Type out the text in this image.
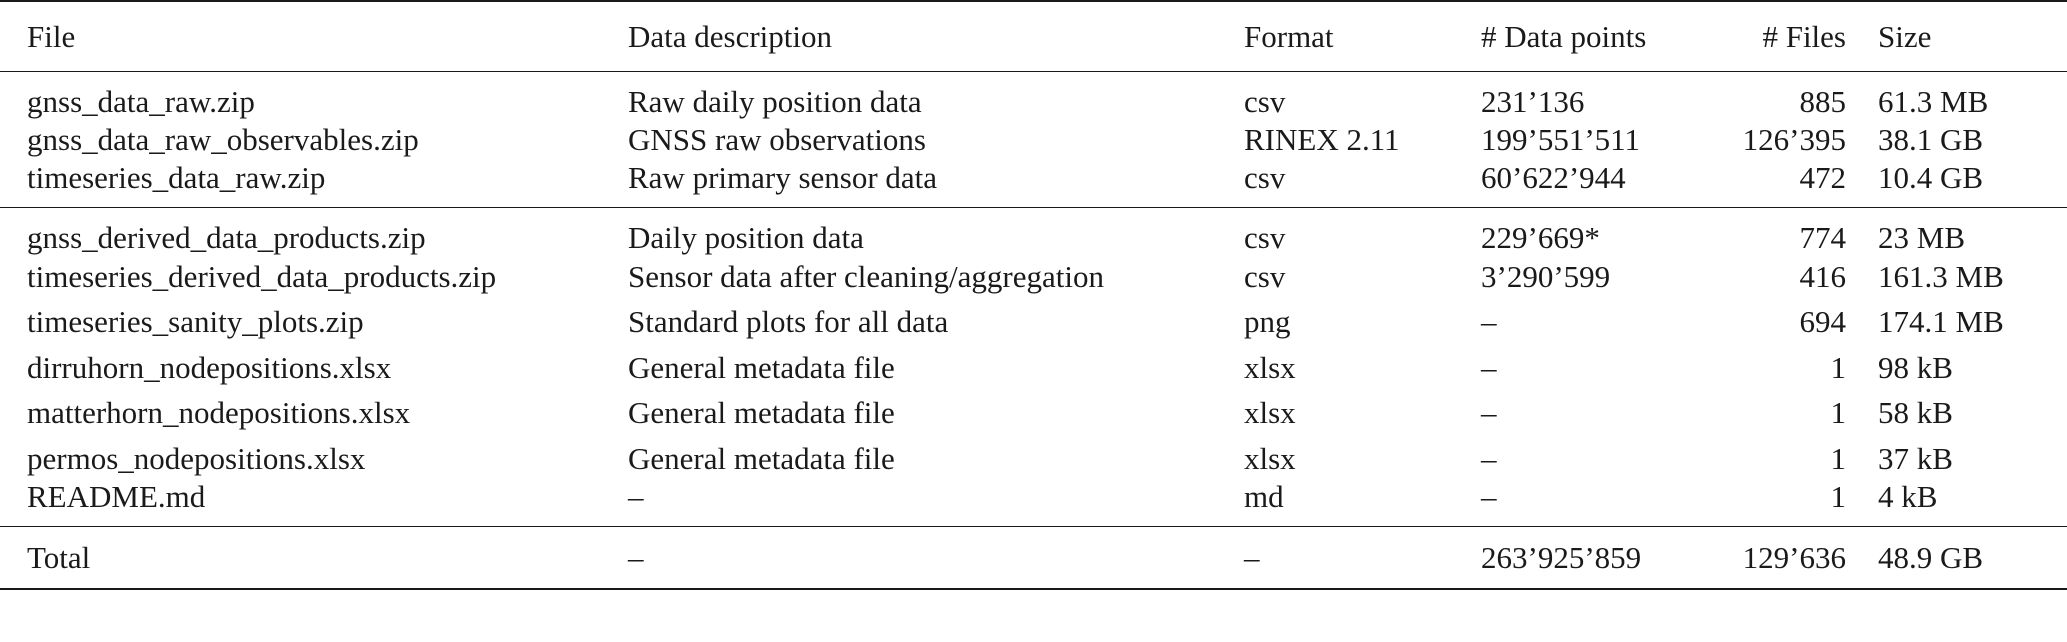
File	Data description	Format	# Data points	# Files	Size
gnss_data_raw.zip	Raw daily position data	csv	231’136	885	61.3 MB
gnss_data_raw_observables.zip	GNSS raw observations	RINEX 2.11	199’551’511	126’395	38.1 GB
timeseries_data_raw.zip	Raw primary sensor data	csv	60’622’944	472	10.4 GB
gnss_derived_data_products.zip	Daily position data	csv	229’669*	774	23 MB
timeseries_derived_data_products.zip	Sensor data after cleaning/aggregation	csv	3’290’599	416	161.3 MB
timeseries_sanity_plots.zip	Standard plots for all data	png	–	694	174.1 MB
dirruhorn_nodepositions.xlsx	General metadata file	xlsx	–	1	98 kB
matterhorn_nodepositions.xlsx	General metadata file	xlsx	–	1	58 kB
permos_nodepositions.xlsx	General metadata file	xlsx	–	1	37 kB
README.md	–	md	–	1	4 kB
Total	–	–	263’925’859	129’636	48.9 GB
